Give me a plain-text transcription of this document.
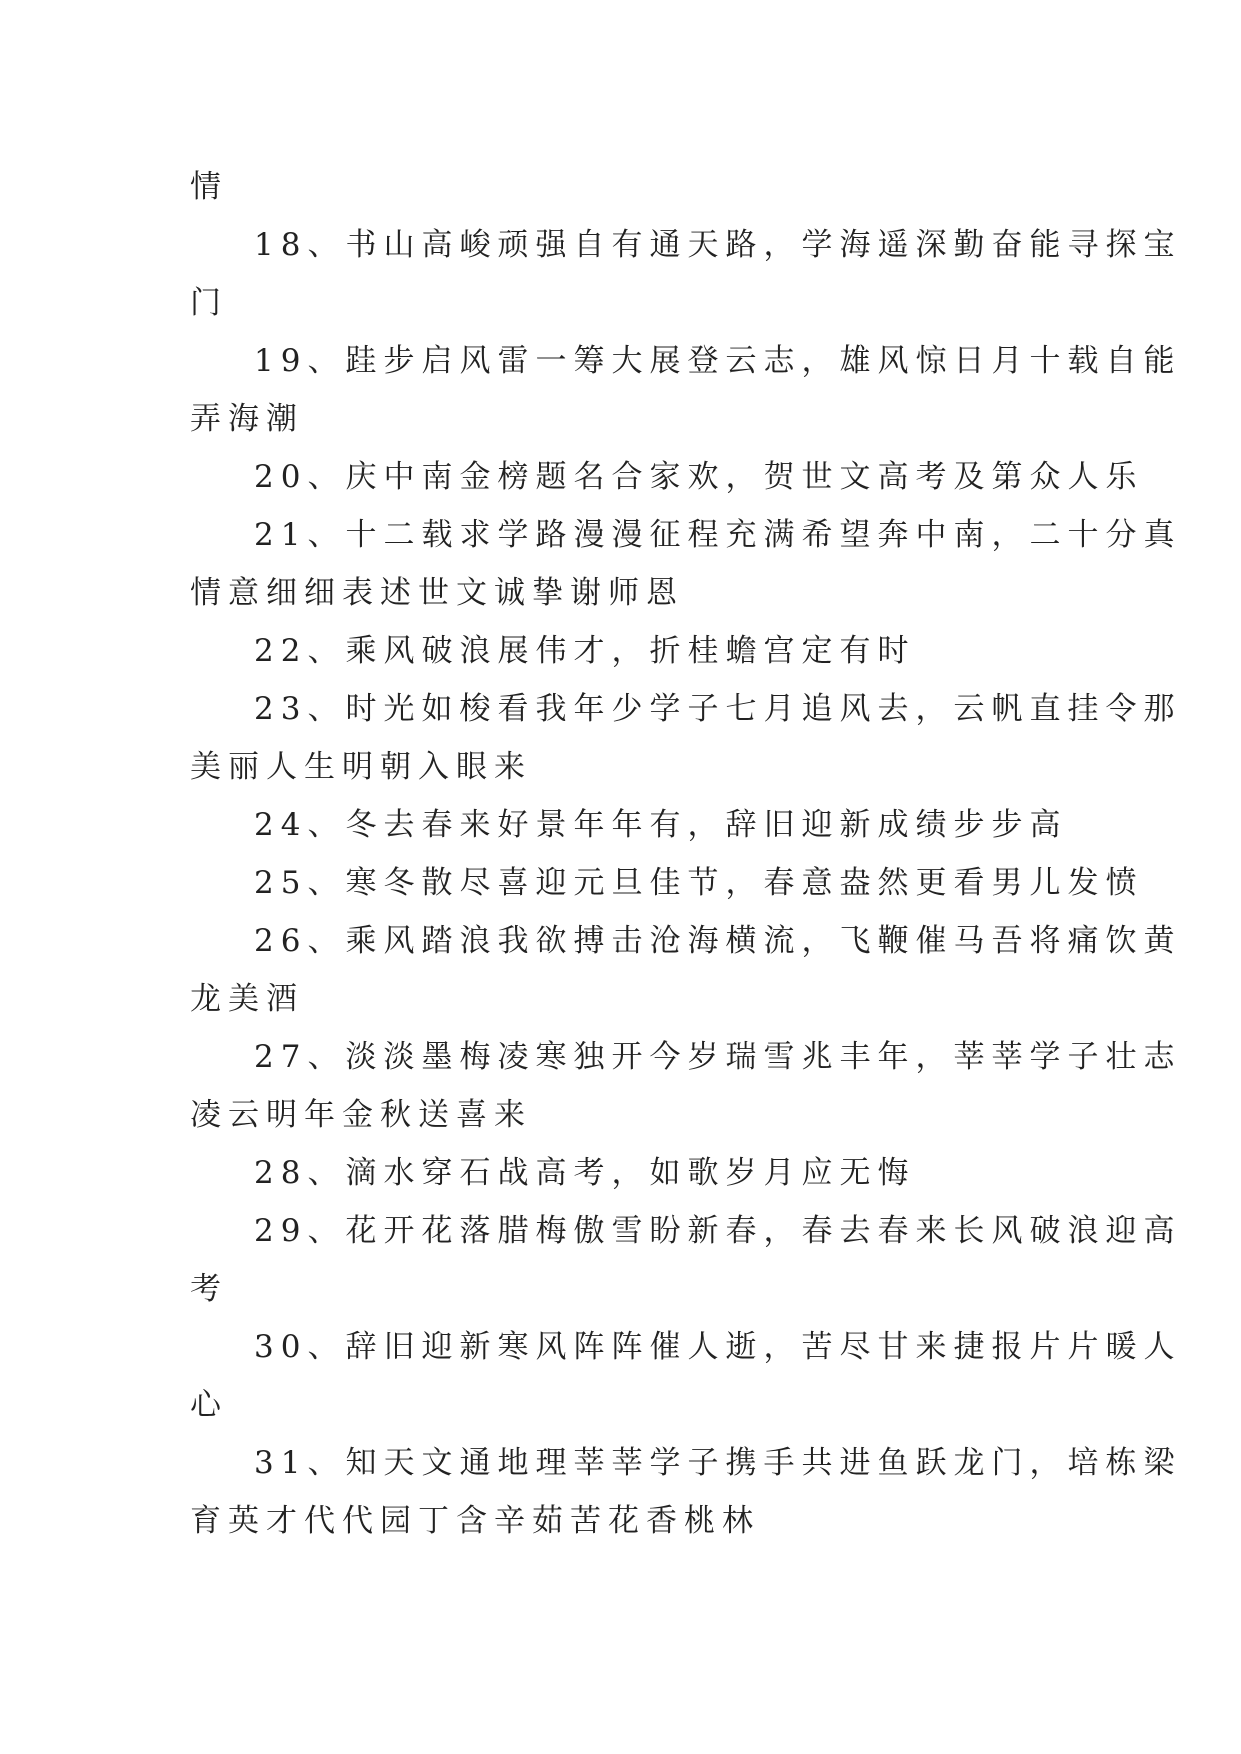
情
18、书山高峻顽强自有通天路，学海遥深勤奋能寻探宝
门
19、跬步启风雷一筹大展登云志，雄风惊日月十载自能
弄海潮
20、庆中南金榜题名合家欢，贺世文高考及第众人乐
21、十二载求学路漫漫征程充满希望奔中南，二十分真
情意细细表述世文诚挚谢师恩
22、乘风破浪展伟才，折桂蟾宫定有时
23、时光如梭看我年少学子七月追风去，云帆直挂令那
美丽人生明朝入眼来
24、冬去春来好景年年有，辞旧迎新成绩步步高
25、寒冬散尽喜迎元旦佳节，春意盎然更看男儿发愤
26、乘风踏浪我欲搏击沧海横流，飞鞭催马吾将痛饮黄
龙美酒
27、淡淡墨梅凌寒独开今岁瑞雪兆丰年，莘莘学子壮志
凌云明年金秋送喜来
28、滴水穿石战高考，如歌岁月应无悔
29、花开花落腊梅傲雪盼新春，春去春来长风破浪迎高
考
30、辞旧迎新寒风阵阵催人逝，苦尽甘来捷报片片暖人
心
31、知天文通地理莘莘学子携手共进鱼跃龙门，培栋梁
育英才代代园丁含辛茹苦花香桃林
